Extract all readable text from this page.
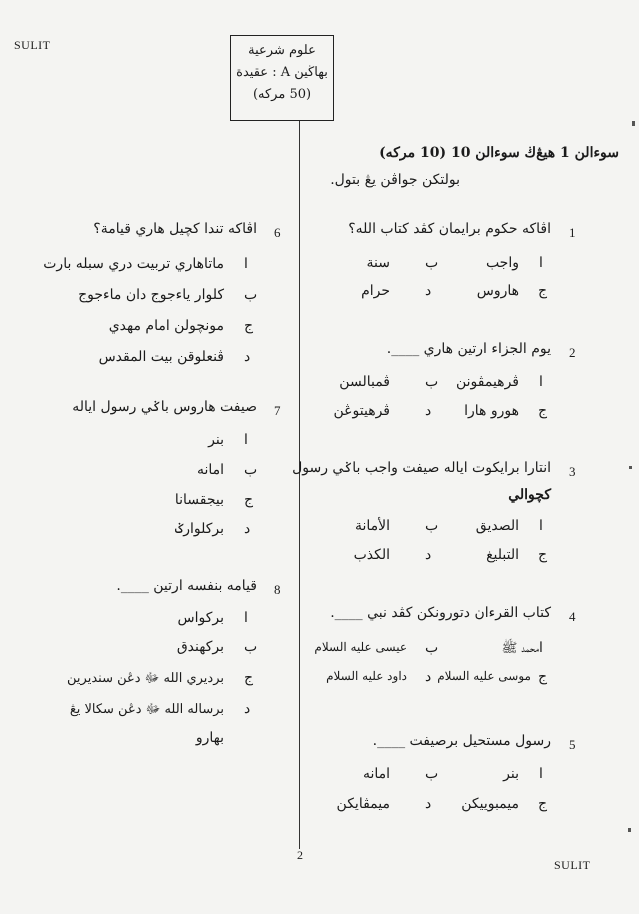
SULIT
SULIT
علوم شرعية
بهاڬين A : عقيدة
(50 مركه)
سوءالن 1 هيڠ‌ڬ سوءالن 10 (10 مركه)
بولتكن جواڤن يڠ بتول.
1
اڤاكه حكوم برايمان كڤد كتاب الله؟
ا
واجب
ب
سنة
ج
هاروس
د
حرام
2
يوم الجزاء ارتين هاري ____.
ا
ڤرهيمڤونن
ب
ڤمبالسن
ج
هورو هارا
د
ڤرهيتوڠن
3
انتارا برايكوت اياله صيفت واجب باݢي رسول
كچوالي
ا
الصديق
ب
الأمانة
ج
التبليغ
د
الكذب
4
كتاب القرءان دتورونكن كڤد نبي ____.
ا
محمد ﷺ
ب
عيسى عليه السلام
ج
موسى عليه السلام
د
داود عليه السلام
5
رسول مستحيل برصيفت ____.
ا
بنر
ب
امانه
ج
ميمبوييكن
د
ميمڤايكن
6
اڤاكه تندا كچيل هاري قيامة؟
ا
ماتاهاري تربيت دري سبله بارت
ب
كلوار ياءجوج دان ماءجوج
ج
مونچولن امام مهدي
د
ڤنعلوقن بيت المقدس
7
صيفت هاروس باݢي رسول اياله
ا
بنر
ب
امانه
ج
بيجقسانا
د
بركلوارݢ
8
قيامه بنفسه ارتين ____.
ا
بركواس
ب
بركهندق
ج
برديري الله ﷻ دڠن سنديرين
د
برساله الله ﷻ دڠن سكالا يڠ
بهارو
2
